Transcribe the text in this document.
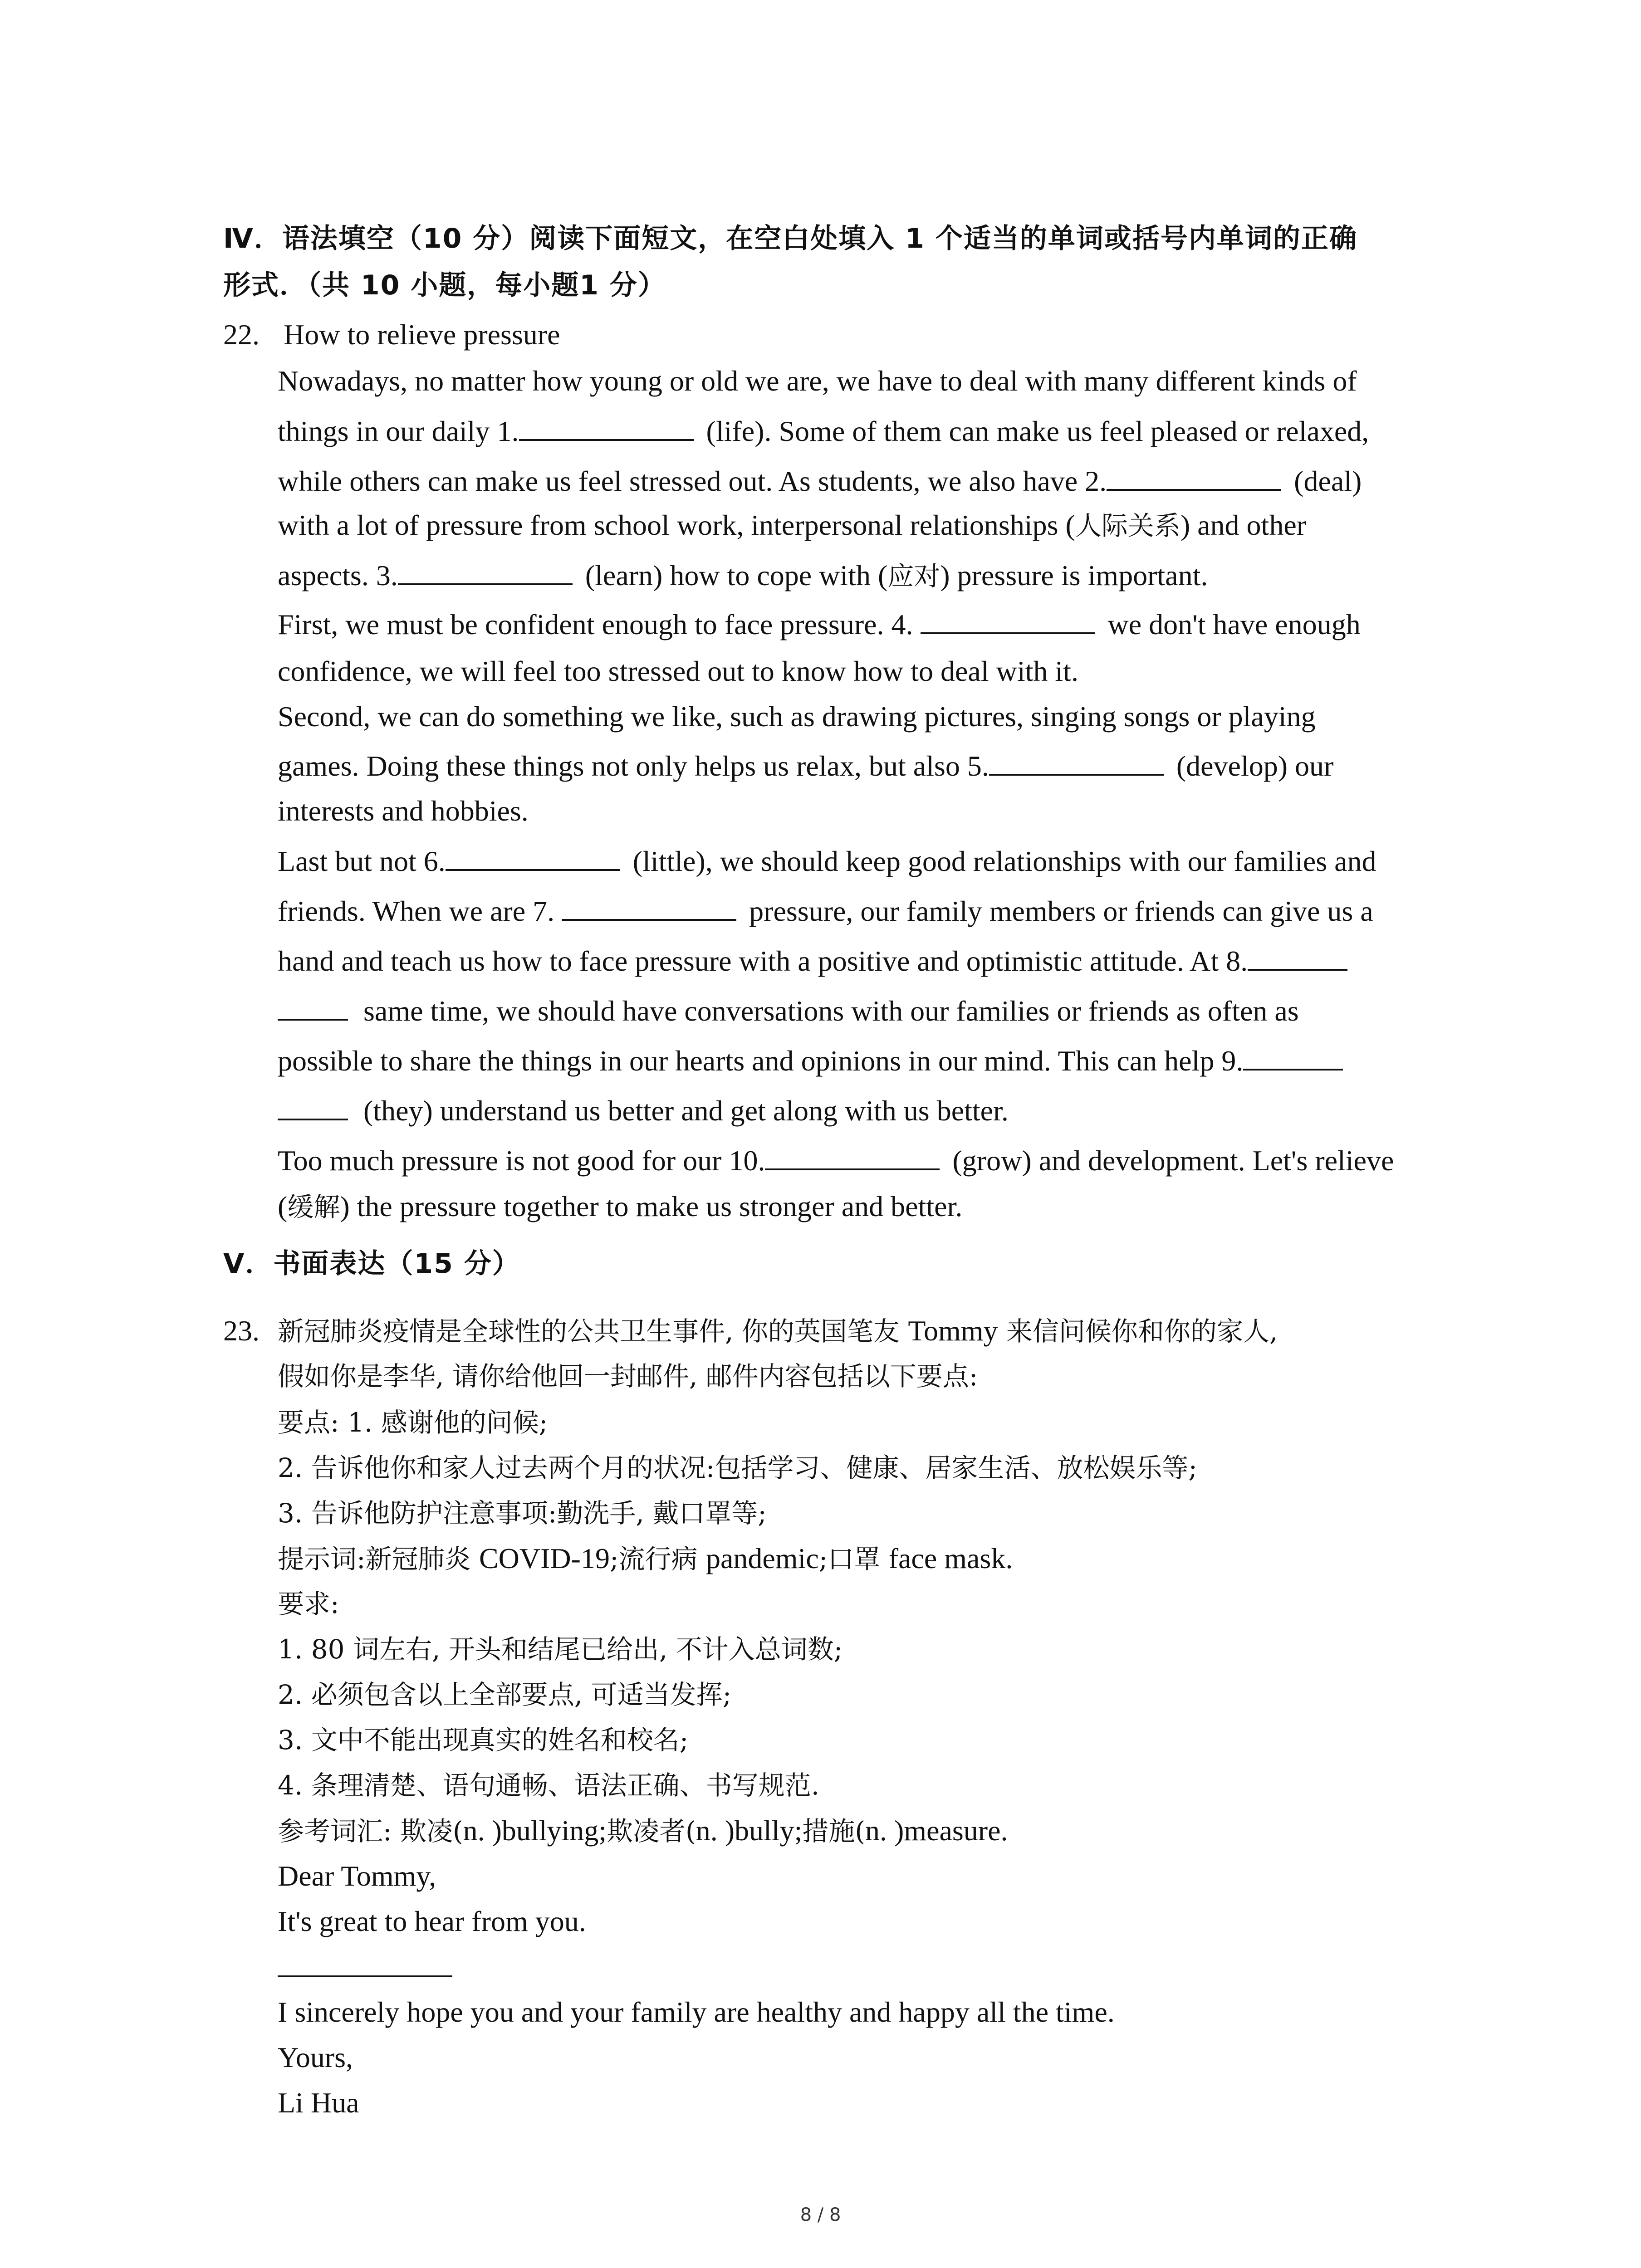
Ⅳ．语法填空（10 分）阅读下面短文，在空白处填入 1 个适当的单词或括号内单词的正确
形式．（共 10 小题，每小题1 分）
22. How to relieve pressure
Nowadays, no matter how young or old we are, we have to deal with many different kinds of
things in our daily 1.	(life). Some of them can make us feel pleased or relaxed,
while others can make us feel stressed out. As students, we also have 2.	(deal)
with a lot of pressure from school work, interpersonal relationships (人际关系) and other
aspects. 3.	(learn) how to cope with (应对) pressure is important.
First, we must be confident enough to face pressure. 4.	we don't have enough
confidence, we will feel too stressed out to know how to deal with it.
Second, we can do something we like, such as drawing pictures, singing songs or playing
games. Doing these things not only helps us relax, but also 5.	(develop) our
interests and hobbies.
Last but not 6.	(little), we should keep good relationships with our families and
friends. When we are 7.	pressure, our family members or friends can give us a
hand and teach us how to face pressure with a positive and optimistic attitude. At 8.
same time, we should have conversations with our families or friends as often as
possible to share the things in our hearts and opinions in our mind. This can help 9.
(they) understand us better and get along with us better.
Too much pressure is not good for our 10.	(grow) and development. Let's relieve
(缓解) the pressure together to make us stronger and better.
Ⅴ．书面表达（15 分）
23. 新冠肺炎疫情是全球性的公共卫生事件, 你的英国笔友 Tommy 来信问候你和你的家人,
假如你是李华, 请你给他回一封邮件, 邮件内容包括以下要点:
要点: 1. 感谢他的问候;
2. 告诉他你和家人过去两个月的状况:包括学习、健康、居家生活、放松娱乐等;
3. 告诉他防护注意事项:勤洗手, 戴口罩等;
提示词:新冠肺炎 COVID-19;流行病 pandemic;口罩 face mask.
要求:
1. 80 词左右, 开头和结尾已给出, 不计入总词数;
2. 必须包含以上全部要点, 可适当发挥;
3. 文中不能出现真实的姓名和校名;
4. 条理清楚、语句通畅、语法正确、书写规范.
参考词汇: 欺凌(n. )bullying;欺凌者(n. )bully;措施(n. )measure.
Dear Tommy,
It's great to hear from you.
I sincerely hope you and your family are healthy and happy all the time.
Yours,
Li Hua
8 / 8
